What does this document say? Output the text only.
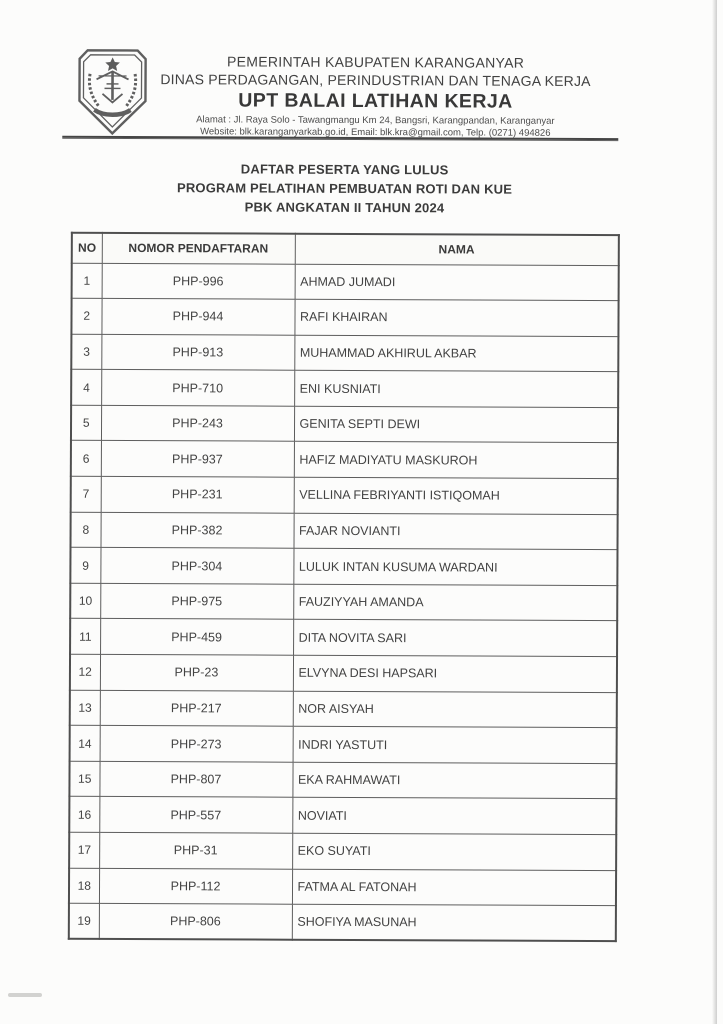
PEMERINTAH KABUPATEN KARANGANYAR
DINAS PERDAGANGAN, PERINDUSTRIAN DAN TENAGA KERJA
UPT BALAI LATIHAN KERJA
Alamat : Jl. Raya Solo - Tawangmangu Km 24, Bangsri, Karangpandan, Karanganyar
Website: blk.karanganyarkab.go.id, Email: blk.kra@gmail.com, Telp. (0271) 494826
DAFTAR PESERTA YANG LULUS
PROGRAM PELATIHAN PEMBUATAN ROTI DAN KUE
PBK ANGKATAN II TAHUN 2024
NO	NOMOR PENDAFTARAN	NAMA
1	PHP-996	AHMAD JUMADI
2	PHP-944	RAFI KHAIRAN
3	PHP-913	MUHAMMAD AKHIRUL AKBAR
4	PHP-710	ENI KUSNIATI
5	PHP-243	GENITA SEPTI DEWI
6	PHP-937	HAFIZ MADIYATU MASKUROH
7	PHP-231	VELLINA FEBRIYANTI ISTIQOMAH
8	PHP-382	FAJAR NOVIANTI
9	PHP-304	LULUK INTAN KUSUMA WARDANI
10	PHP-975	FAUZIYYAH AMANDA
11	PHP-459	DITA NOVITA SARI
12	PHP-23	ELVYNA DESI HAPSARI
13	PHP-217	NOR AISYAH
14	PHP-273	INDRI YASTUTI
15	PHP-807	EKA RAHMAWATI
16	PHP-557	NOVIATI
17	PHP-31	EKO SUYATI
18	PHP-112	FATMA AL FATONAH
19	PHP-806	SHOFIYA MASUNAH
